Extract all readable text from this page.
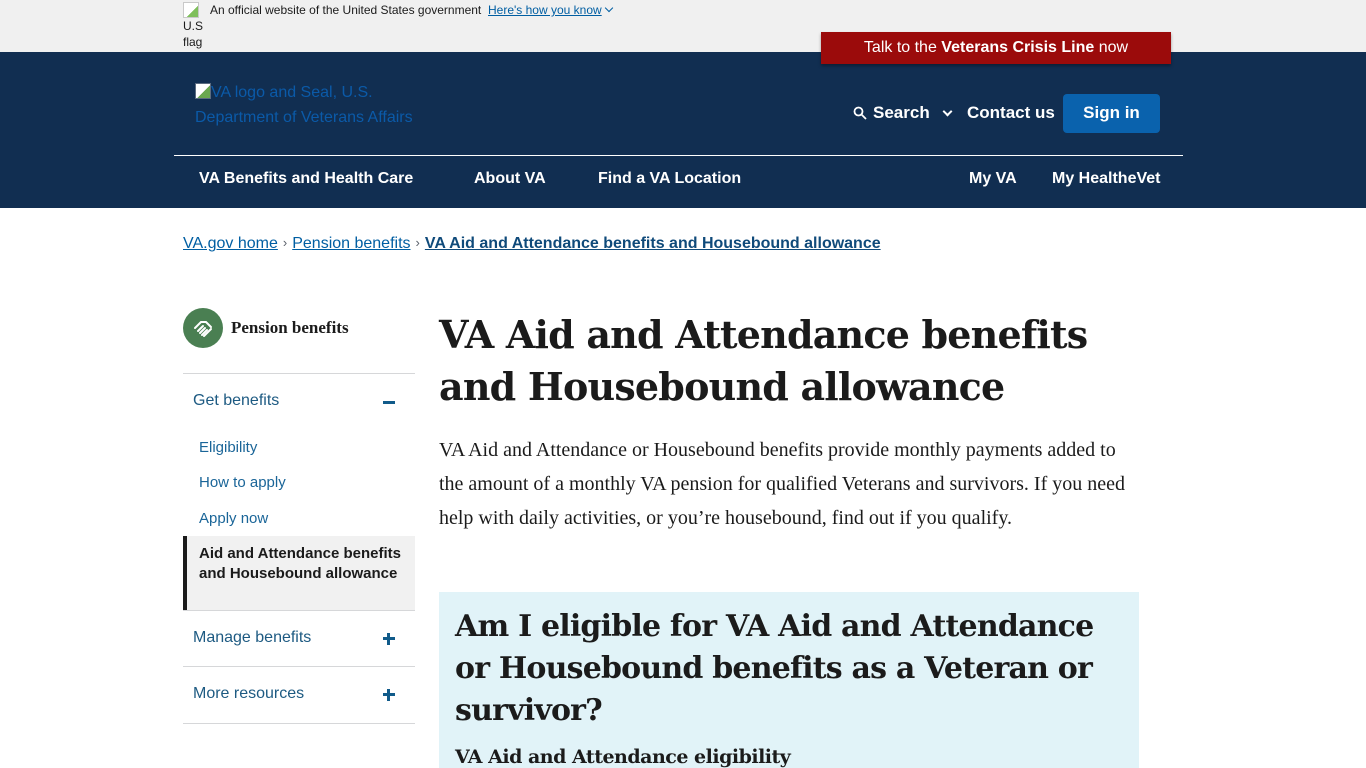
U.S flag
An official website of the United States government Here's how you know
Talk to the Veterans Crisis Line now
VA logo and Seal, U.S. Department of Veterans Affairs	Search Contact us	Sign in
VA Benefits and Health Care	About VA	Find a VA Location	My VA My HealtheVet
VA.gov home › Pension benefits › VA Aid and Attendance benefits and Housebound allowance
Pension benefits
Get benefits
Eligibility
How to apply
Apply now
Aid and Attendance benefits and Housebound allowance
Manage benefits
More resources
VA Aid and Attendance benefits and Housebound allowance

VA Aid and Attendance or Housebound benefits provide monthly payments added to the amount of a monthly VA pension for qualified Veterans and survivors. If you need help with daily activities, or you’re housebound, find out if you qualify.

Am I eligible for VA Aid and Attendance or Housebound benefits as a Veteran or survivor?
VA Aid and Attendance eligibility
